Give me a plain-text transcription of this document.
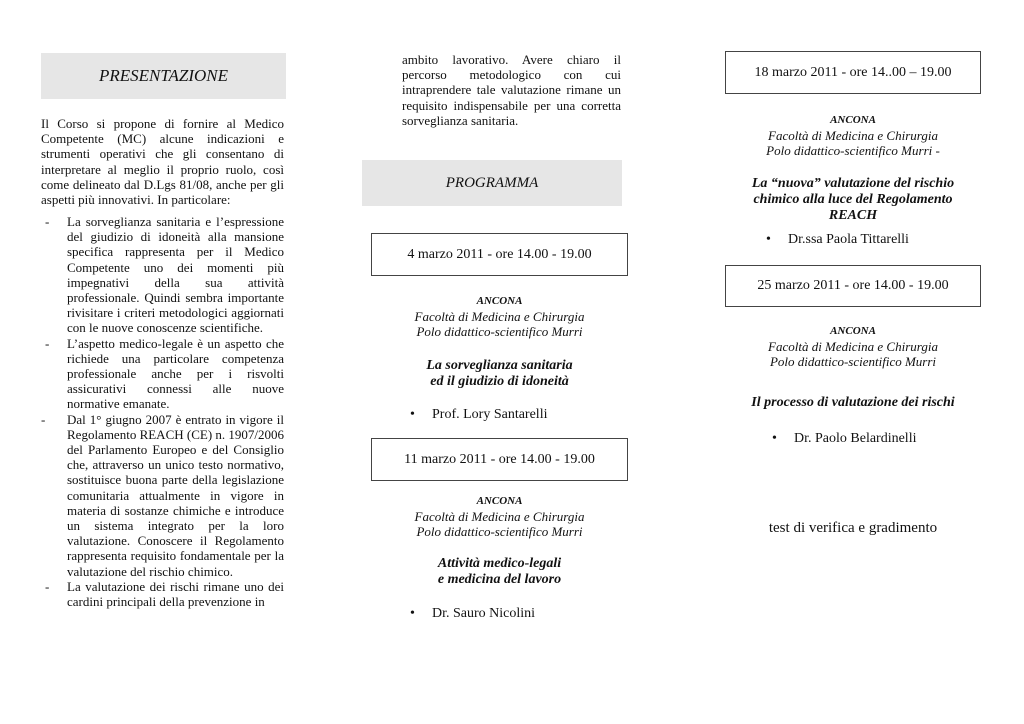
PRESENTAZIONE
Il Corso si propone di fornire al Medico Competente (MC) alcune indicazioni e strumenti operativi che gli consentano di interpretare al meglio il proprio ruolo, così come delineato dal D.Lgs 81/08, anche per gli aspetti più innovativi. In particolare:
- La sorveglianza sanitaria e l’espressione del giudizio di idoneità alla mansione specifica rappresenta per il Medico Competente uno dei momenti più impegnativi della sua attività professionale. Quindi sembra importante rivisitare i criteri metodologici aggiornati con le nuove conoscenze scientifiche.
- L’aspetto medico-legale è un aspetto che richiede una particolare competenza professionale anche per i risvolti assicurativi connessi alle nuove normative emanate.
- Dal 1° giugno 2007 è entrato in vigore il Regolamento REACH (CE) n. 1907/2006 del Parlamento Europeo e del Consiglio che, attraverso un unico testo normativo, sostituisce buona parte della legislazione comunitaria attualmente in vigore in materia di sostanze chimiche e introduce un sistema integrato per la loro valutazione. Conoscere il Regolamento rappresenta requisito fondamentale per la valutazione del rischio chimico.
- La valutazione dei rischi rimane uno dei cardini principali della prevenzione in
ambito lavorativo. Avere chiaro il percorso metodologico con cui intraprendere tale valutazione rimane un requisito indispensabile per una corretta sorveglianza sanitaria.
PROGRAMMA
4 marzo 2011 - ore 14.00 - 19.00
ANCONA
Facoltà di Medicina e Chirurgia
Polo didattico-scientifico Murri
La sorveglianza sanitaria
ed il giudizio di idoneità
• Prof. Lory Santarelli
11 marzo 2011 - ore 14.00 - 19.00
ANCONA
Facoltà di Medicina e Chirurgia
Polo didattico-scientifico Murri
Attività medico-legali
e medicina del lavoro
• Dr. Sauro Nicolini
18 marzo 2011 - ore 14..00 – 19.00
ANCONA
Facoltà di Medicina e Chirurgia
Polo didattico-scientifico Murri -
La “nuova” valutazione del rischio
chimico alla luce del Regolamento
REACH
• Dr.ssa Paola Tittarelli
25 marzo 2011 - ore 14.00 - 19.00
ANCONA
Facoltà di Medicina e Chirurgia
Polo didattico-scientifico Murri
Il processo di valutazione dei rischi
• Dr. Paolo Belardinelli
test di verifica e gradimento
